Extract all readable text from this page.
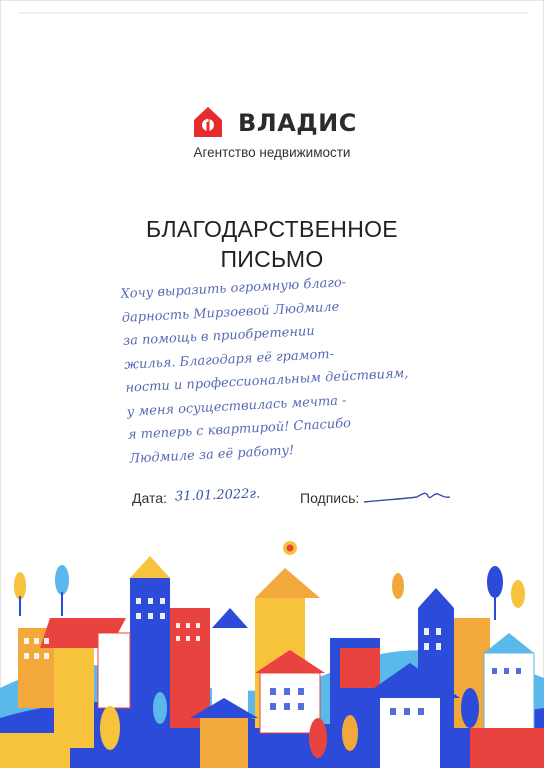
ВЛАДИС
Агентство недвижимости
БЛАГОДАРСТВЕННОЕ
ПИСЬМО
Хочу выразить огромную благо-
дарность Мирзоевой Людмиле
за помощь в приобретении
жилья. Благодаря её грамот-
ности и профессиональным действиям,
у меня осуществилась мечта -
я теперь с квартирой! Спасибо
Людмиле за её работу!
Дата: 31.01.2022г.	Подпись:
